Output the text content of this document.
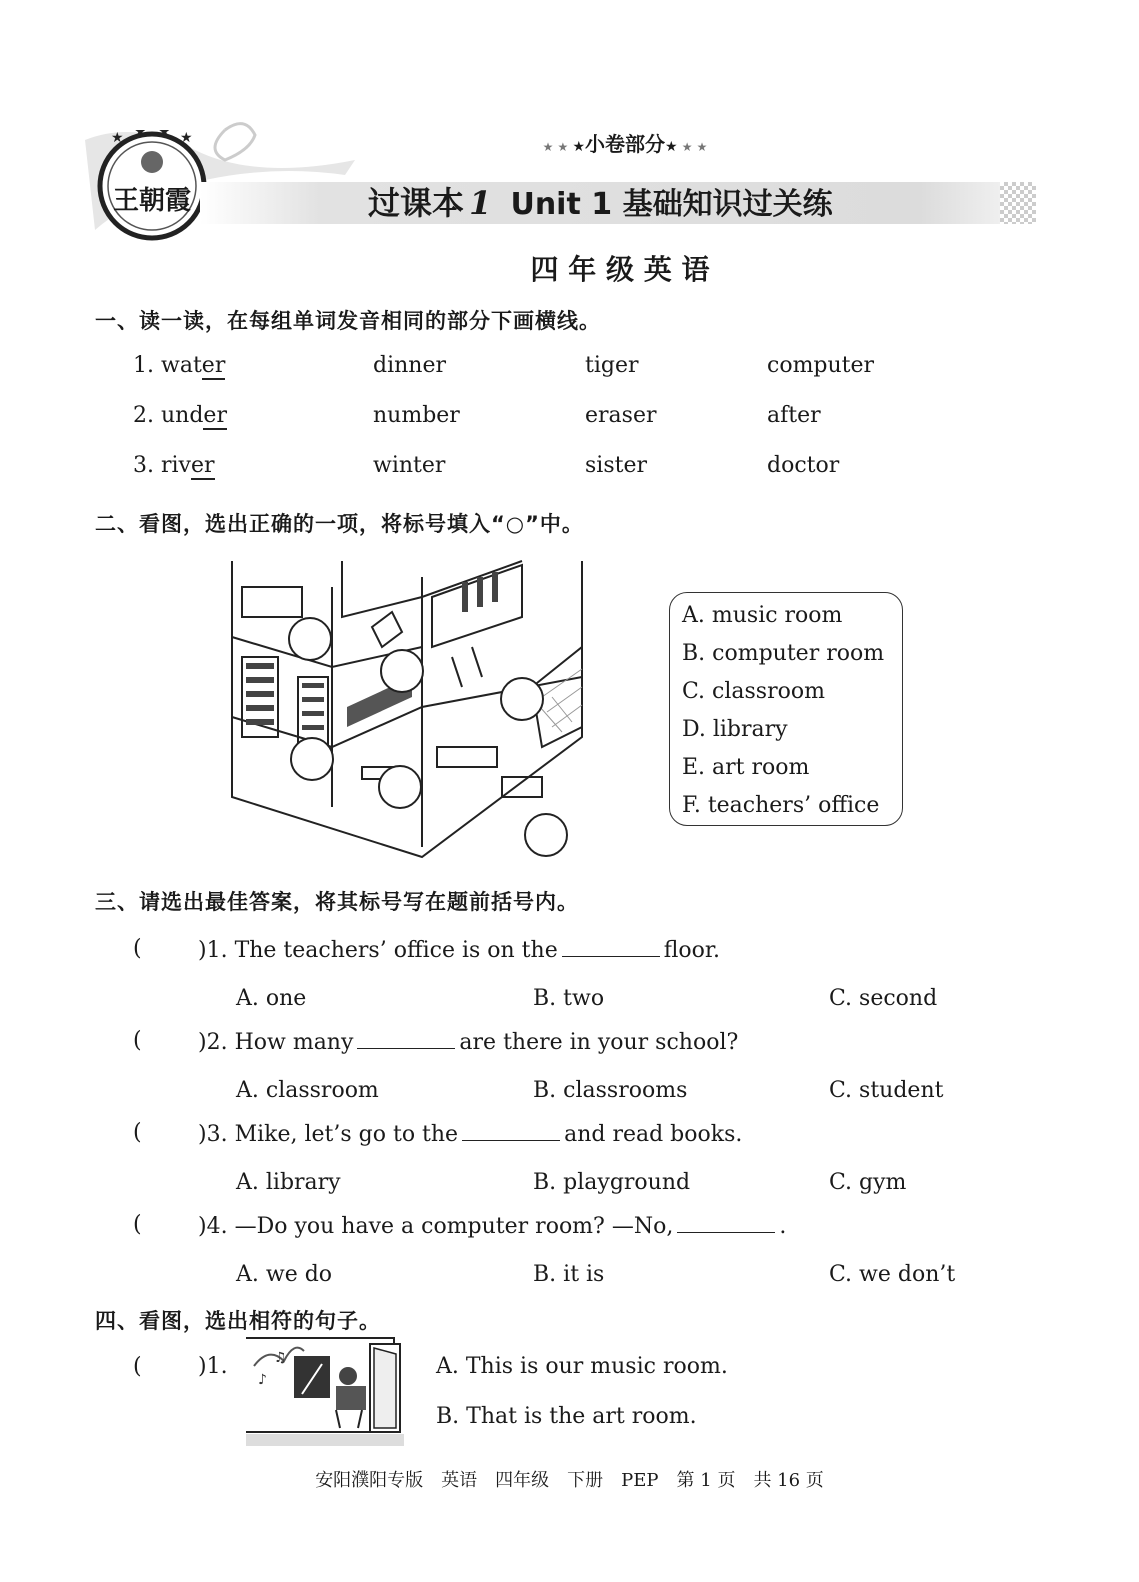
★ ★ ★ ★
王朝霞
★ ★ ★小卷部分★ ★ ★
过课本 1 Unit 1 基础知识过关练
四 年 级 英 语
一、读一读，在每组单词发音相同的部分下画横线。
1. water	dinner	tiger	computer
2. under	number	eraser	after
3. river	winter	sister	doctor
二、看图，选出正确的一项，将标号填入“○”中。
A. music room
B. computer room
C. classroom
D. library
E. art room
F. teachers’ office
三、请选出最佳答案，将其标号写在题前括号内。
(	)1. The teachers’ office is on the	floor.
A. one	B. two	C. second
(	)2. How many	are there in your school?
A. classroom	B. classrooms	C. student
(	)3. Mike, let’s go to the	and read books.
A. library	B. playground	C. gym
(	)4. —Do you have a computer room? —No,	.
A. we do	B. it is	C. we don’t
四、看图，选出相符的句子。
(	)1.
♪
♫	A. This is our music room.
B. That is the art room.
安阳濮阳专版　英语　四年级　下册　PEP　第 1 页　共 16 页
